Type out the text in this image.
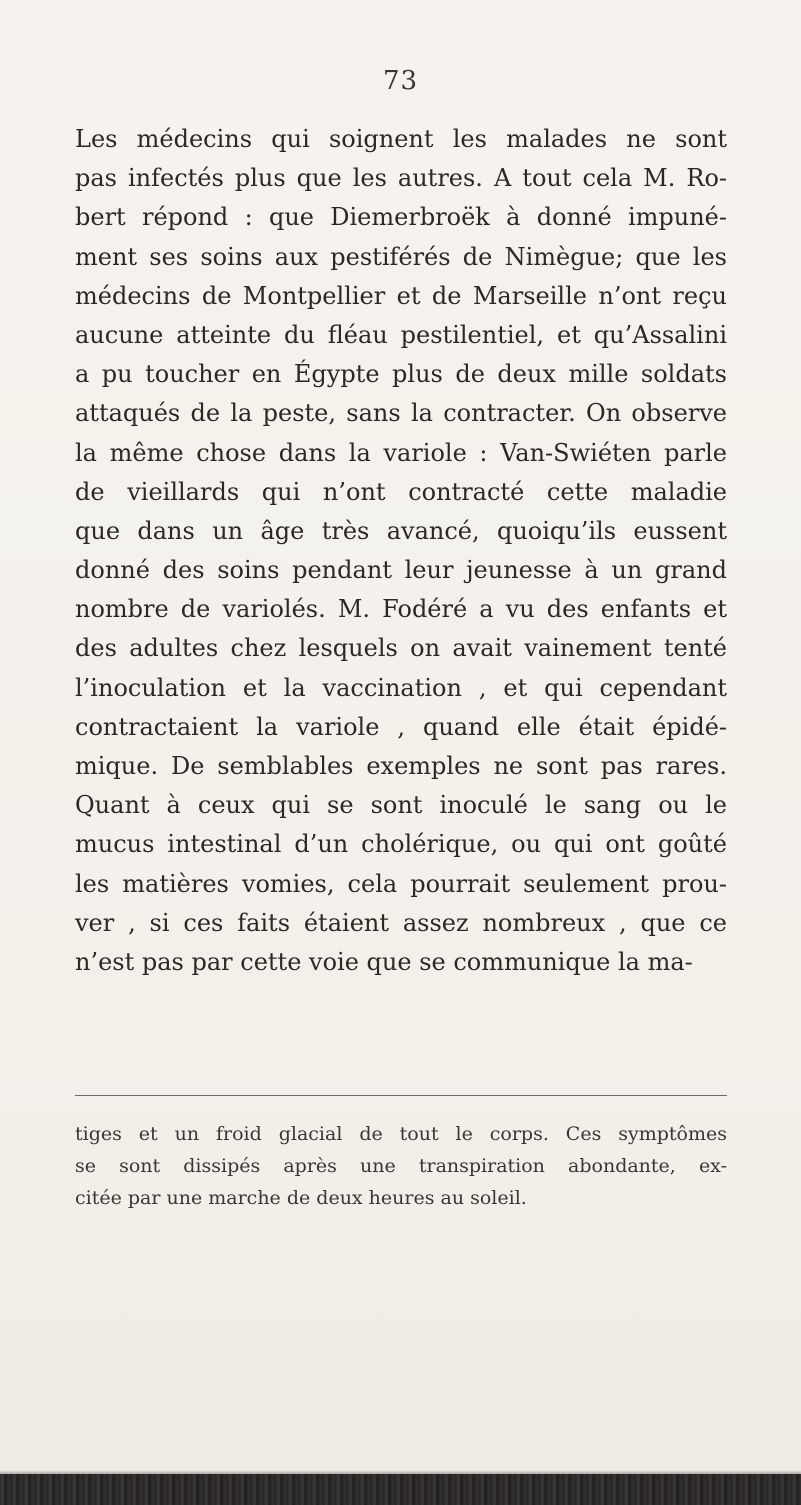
73
Les médecins qui soignent les malades ne sont
pas infectés plus que les autres. A tout cela M. Ro-
bert répond : que Diemerbroëk à donné impuné-
ment ses soins aux pestiférés de Nimègue; que les
médecins de Montpellier et de Marseille n’ont reçu
aucune atteinte du fléau pestilentiel, et qu’Assalini
a pu toucher en Égypte plus de deux mille soldats
attaqués de la peste, sans la contracter. On observe
la même chose dans la variole : Van-Swiéten parle
de vieillards qui n’ont contracté cette maladie
que dans un âge très avancé, quoiqu’ils eussent
donné des soins pendant leur jeunesse à un grand
nombre de variolés. M. Fodéré a vu des enfants et
des adultes chez lesquels on avait vainement tenté
l’inoculation et la vaccination , et qui cependant
contractaient la variole , quand elle était épidé-
mique. De semblables exemples ne sont pas rares.
Quant à ceux qui se sont inoculé le sang ou le
mucus intestinal d’un cholérique, ou qui ont goûté
les matières vomies, cela pourrait seulement prou-
ver , si ces faits étaient assez nombreux , que ce
n’est pas par cette voie que se communique la ma-
tiges et un froid glacial de tout le corps. Ces symptômes
se sont dissipés après une transpiration abondante, ex-
citée par une marche de deux heures au soleil.
